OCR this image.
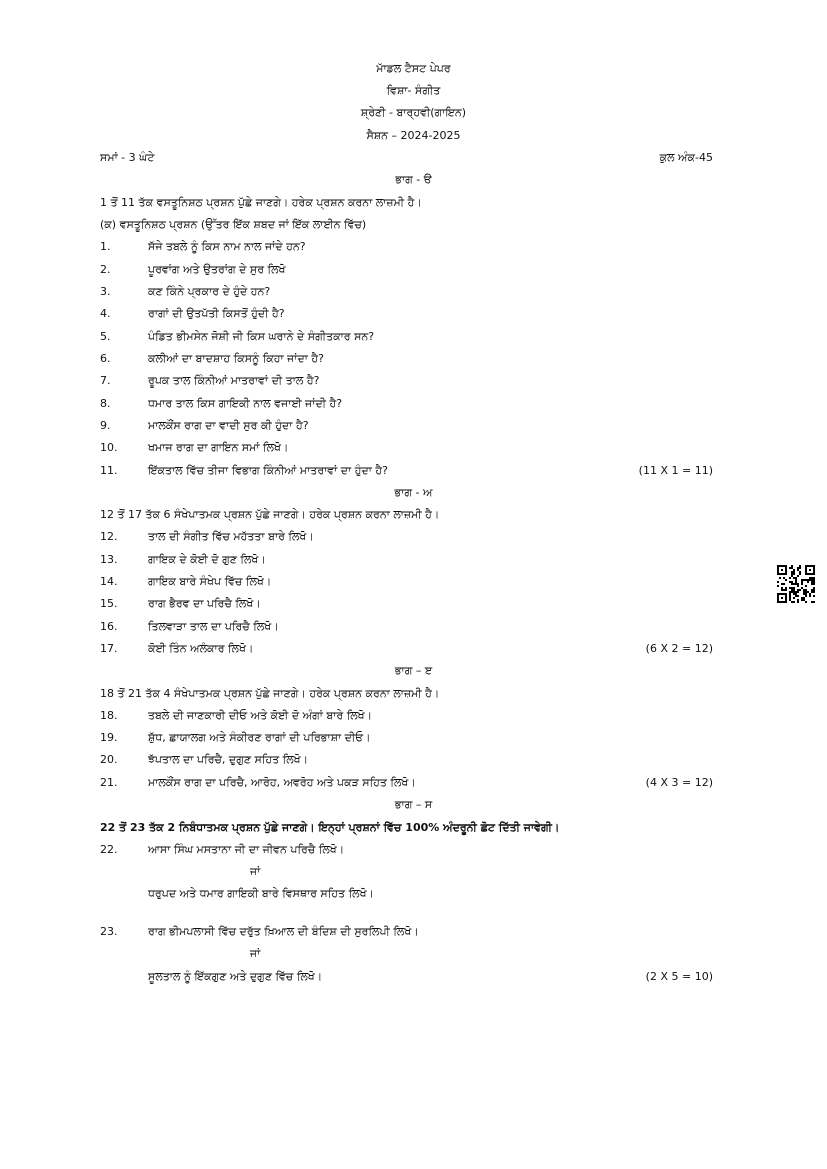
ਮਾੱਡਲ ਟੈਸਟ ਪੇਪਰ
ਵਿਸ਼ਾ- ਸੰਗੀਤ
ਸ਼੍ਰੇਣੀ - ਬਾਰ੍ਹਵੀ(ਗਾਇਨ)
ਸੈਸ਼ਨ – 2024-2025
ਸਮਾਂ - 3 ਘੰਟੇ	ਕੁਲ ਅੰਕ-45
ਭਾਗ - ੳ
1 ਤੋਂ 11 ਤੱਕ ਵਸਤੂਨਿਸ਼ਠ ਪ੍ਰਸ਼ਨ ਪੁੱਛੇ ਜਾਣਗੇ। ਹਰੇਕ ਪ੍ਰਸ਼ਨ ਕਰਨਾ ਲਾਜ਼ਮੀ ਹੈ।
(ਕ) ਵਸਤੂਨਿਸ਼ਠ ਪ੍ਰਸ਼ਨ (ਉੱਤਰ ਇੱਕ ਸ਼ਬਦ ਜਾਂ ਇੱਕ ਲਾਈਨ ਵਿੱਚ)
1.	ਸੱਜੇ ਤਬਲੇ ਨੂੰ ਕਿਸ ਨਾਮ ਨਾਲ ਜਾਂਦੇ ਹਨ?
2.	ਪੂਰਵਾਂਗ ਅਤੇ ਉਤਰਾਂਗ ਦੇ ਸੁਰ ਲਿਖੋ
3.	ਕਣ ਕਿੰਨੇ ਪ੍ਰਕਾਰ ਦੇ ਹੁੰਦੇ ਹਨ?
4.	ਰਾਗਾਂ ਦੀ ਉਤਪੱਤੀ ਕਿਸਤੋਂ ਹੁੰਦੀ ਹੈ?
5.	ਪੰਡਿਤ ਭੀਮਸੇਨ ਜੋਸ਼ੀ ਜੀ ਕਿਸ ਘਰਾਨੇ ਦੇ ਸੰਗੀਤਕਾਰ ਸਨ?
6.	ਕਲੀਆਂ ਦਾ ਬਾਦਸ਼ਾਹ ਕਿਸਨੂੰ ਕਿਹਾ ਜਾਂਦਾ ਹੈ?
7.	ਰੂਪਕ ਤਾਲ ਕਿੰਨੀਆਂ ਮਾਤਰਾਵਾਂ ਦੀ ਤਾਲ ਹੈ?
8.	ਧਮਾਰ ਤਾਲ ਕਿਸ ਗਾਇਕੀ ਨਾਲ ਵਜਾਈ ਜਾਂਦੀ ਹੈ?
9.	ਮਾਲਕੌਂਸ ਰਾਗ ਦਾ ਵਾਦੀ ਸੁਰ ਕੀ ਹੁੰਦਾ ਹੈ?
10.	ਖਮਾਜ ਰਾਗ ਦਾ ਗਾਇਨ ਸਮਾਂ ਲਿਖੋ।
11.	ਇੱਕਤਾਲ ਵਿੱਚ ਤੀਜਾ ਵਿਭਾਗ ਕਿੰਨੀਆਂ ਮਾਤਰਾਵਾਂ ਦਾ ਹੁੰਦਾ ਹੈ?	(11 X 1 = 11)
ਭਾਗ - ਅ
12 ਤੋਂ 17 ਤੱਕ 6 ਸੰਖੇਪਾਤਮਕ ਪ੍ਰਸ਼ਨ ਪੁੱਛੇ ਜਾਣਗੇ। ਹਰੇਕ ਪ੍ਰਸ਼ਨ ਕਰਨਾ ਲਾਜ਼ਮੀ ਹੈ।
12.	ਤਾਲ ਦੀ ਸੰਗੀਤ ਵਿੱਚ ਮਹੱਤਤਾ ਬਾਰੇ ਲਿਖੋ।
13.	ਗਾਇਕ ਦੇ ਕੋਈ ਦੋ ਗੁਣ ਲਿਖੋ।
14.	ਗਾਇਕ ਬਾਰੇ ਸੰਖੇਪ ਵਿੱਚ ਲਿਖੋ।
15.	ਰਾਗ ਭੈਰਵ ਦਾ ਪਰਿਚੈ ਲਿਖੋ।
16.	ਤਿਲਵਾੜਾ ਤਾਲ ਦਾ ਪਰਿਚੈ ਲਿਖੋ।
17.	ਕੋਈ ਤਿੰਨ ਅਲੰਕਾਰ ਲਿਖੋ।	(6 X 2 = 12)
ਭਾਗ – ੲ
18 ਤੋਂ 21 ਤੱਕ 4 ਸੰਖੇਪਾਤਮਕ ਪ੍ਰਸ਼ਨ ਪੁੱਛੇ ਜਾਣਗੇ। ਹਰੇਕ ਪ੍ਰਸ਼ਨ ਕਰਨਾ ਲਾਜ਼ਮੀ ਹੈ।
18.	ਤਬਲੇ ਦੀ ਜਾਣਕਾਰੀ ਦੀਓ ਅਤੇ ਕੋਈ ਦੋ ਅੰਗਾਂ ਬਾਰੇ ਲਿਖੋ।
19.	ਸ਼ੁੱਧ, ਛਾਯਾਲਗ ਅਤੇ ਸੰਕੀਰਣ ਰਾਗਾਂ ਦੀ ਪਰਿਭਾਸ਼ਾ ਦੀਓ।
20.	ਝੱਪਤਾਲ ਦਾ ਪਰਿਚੈ, ਦੁਗੁਣ ਸਹਿਤ ਲਿਖੋ।
21.	ਮਾਲਕੌਂਸ ਰਾਗ ਦਾ ਪਰਿਚੈ, ਆਰੋਹ, ਅਵਰੋਹ ਅਤੇ ਪਕੜ ਸਹਿਤ ਲਿਖੋ।	(4 X 3 = 12)
ਭਾਗ – ਸ
22 ਤੋਂ 23 ਤੱਕ 2 ਨਿਬੰਧਾਤਮਕ ਪ੍ਰਸ਼ਨ ਪੁੱਛੇ ਜਾਣਗੇ। ਇਨ੍ਹਾਂ ਪ੍ਰਸ਼ਨਾਂ ਵਿੱਚ 100% ਅੰਦਰੂਨੀ ਛੋਟ ਦਿੱਤੀ ਜਾਵੇਗੀ।
22.	ਆਸਾ ਸਿੰਘ ਮਸਤਾਨਾ ਜੀ ਦਾ ਜੀਵਨ ਪਰਿਚੈ ਲਿਖੋ।
ਜਾਂ
ਧਰੁਪਦ ਅਤੇ ਧਮਾਰ ਗਾਇਕੀ ਬਾਰੇ ਵਿਸਥਾਰ ਸਹਿਤ ਲਿਖੋ।
23.	ਰਾਗ ਭੀਮਪਲਾਸੀ ਵਿੱਚ ਦਰੁੱਤ ਖ਼ਿਆਲ ਦੀ ਬੰਦਿਸ਼ ਦੀ ਸੁਰਲਿਪੀ ਲਿਖੋ।
ਜਾਂ
ਸੂਲਤਾਲ ਨੂੰ ਇੱਕਗੁਣ ਅਤੇ ਦੁਗੁਣ ਵਿੱਚ ਲਿਖੋ।	(2 X 5 = 10)
